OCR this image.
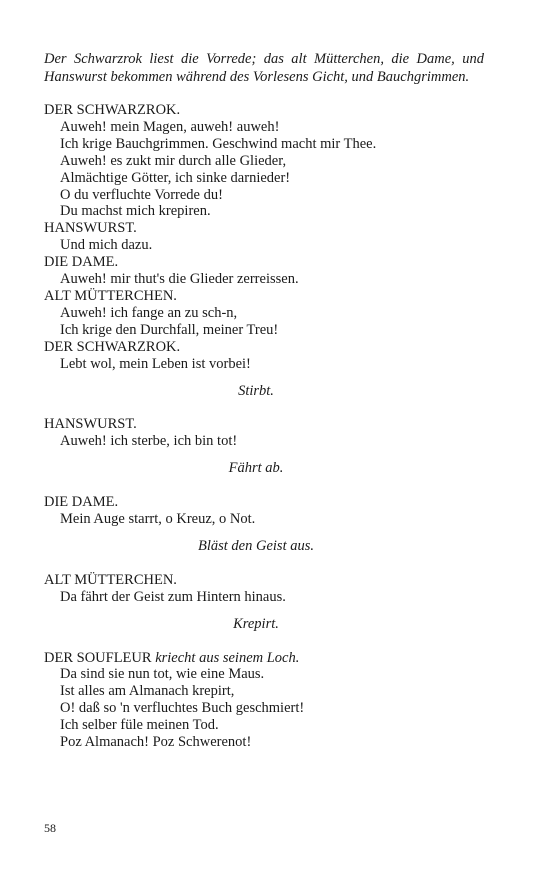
Der Schwarzrok liest die Vorrede; das alt Mütterchen, die Dame, und Hanswurst bekommen während des Vorlesens Gicht, und Bauchgrimmen.
DER SCHWARZROK.
Auweh! mein Magen, auweh! auweh!
Ich krige Bauchgrimmen. Geschwind macht mir Thee.
Auweh! es zukt mir durch alle Glieder,
Almächtige Götter, ich sinke darnieder!
O du verfluchte Vorrede du!
Du machst mich krepiren.
HANSWURST.
Und mich dazu.
DIE DAME.
Auweh! mir thut's die Glieder zerreissen.
ALT MÜTTERCHEN.
Auweh! ich fange an zu sch-n,
Ich krige den Durchfall, meiner Treu!
DER SCHWARZROK.
Lebt wol, mein Leben ist vorbei!
Stirbt.
HANSWURST.
Auweh! ich sterbe, ich bin tot!
Fährt ab.
DIE DAME.
Mein Auge starrt, o Kreuz, o Not.
Bläst den Geist aus.
ALT MÜTTERCHEN.
Da fährt der Geist zum Hintern hinaus.
Krepirt.
DER SOUFLEUR kriecht aus seinem Loch.
Da sind sie nun tot, wie eine Maus.
Ist alles am Almanach krepirt,
O! daß so 'n verfluchtes Buch geschmiert!
Ich selber füle meinen Tod.
Poz Almanach! Poz Schwerenot!
58
